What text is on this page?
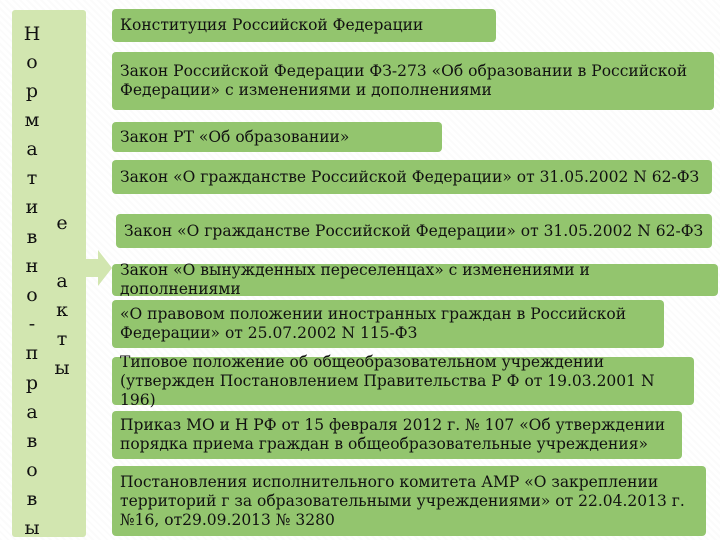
Н
о
р
м
а
т
и
в
н
о
-
п
р
а
в
о
в
ы
е
а
к
т
ы
Конституция Российской Федерации
Закон Российской Федерации ФЗ-273 «Об образовании в Российской Федерации» с изменениями и дополнениями
Закон РТ «Об образовании»
Закон «О гражданстве Российской Федерации» от 31.05.2002 N 62-ФЗ
Закон «О гражданстве Российской Федерации» от 31.05.2002 N 62-ФЗ
Закон «О вынужденных переселенцах» с изменениями и дополнениями
«О правовом положении иностранных граждан в Российской Федерации» от 25.07.2002 N 115-ФЗ
Типовое положение об общеобразовательном учреждении (утвержден Постановлением Правительства Р Ф от 19.03.2001 N 196)
Приказ МО и Н РФ от 15 февраля 2012 г. № 107 «Об утверждении порядка приема граждан в общеобразовательные учреждения»
Постановления исполнительного комитета АМР «О закреплении территорий г за образовательными учреждениями» от 22.04.2013 г. №16, от29.09.2013 № 3280
